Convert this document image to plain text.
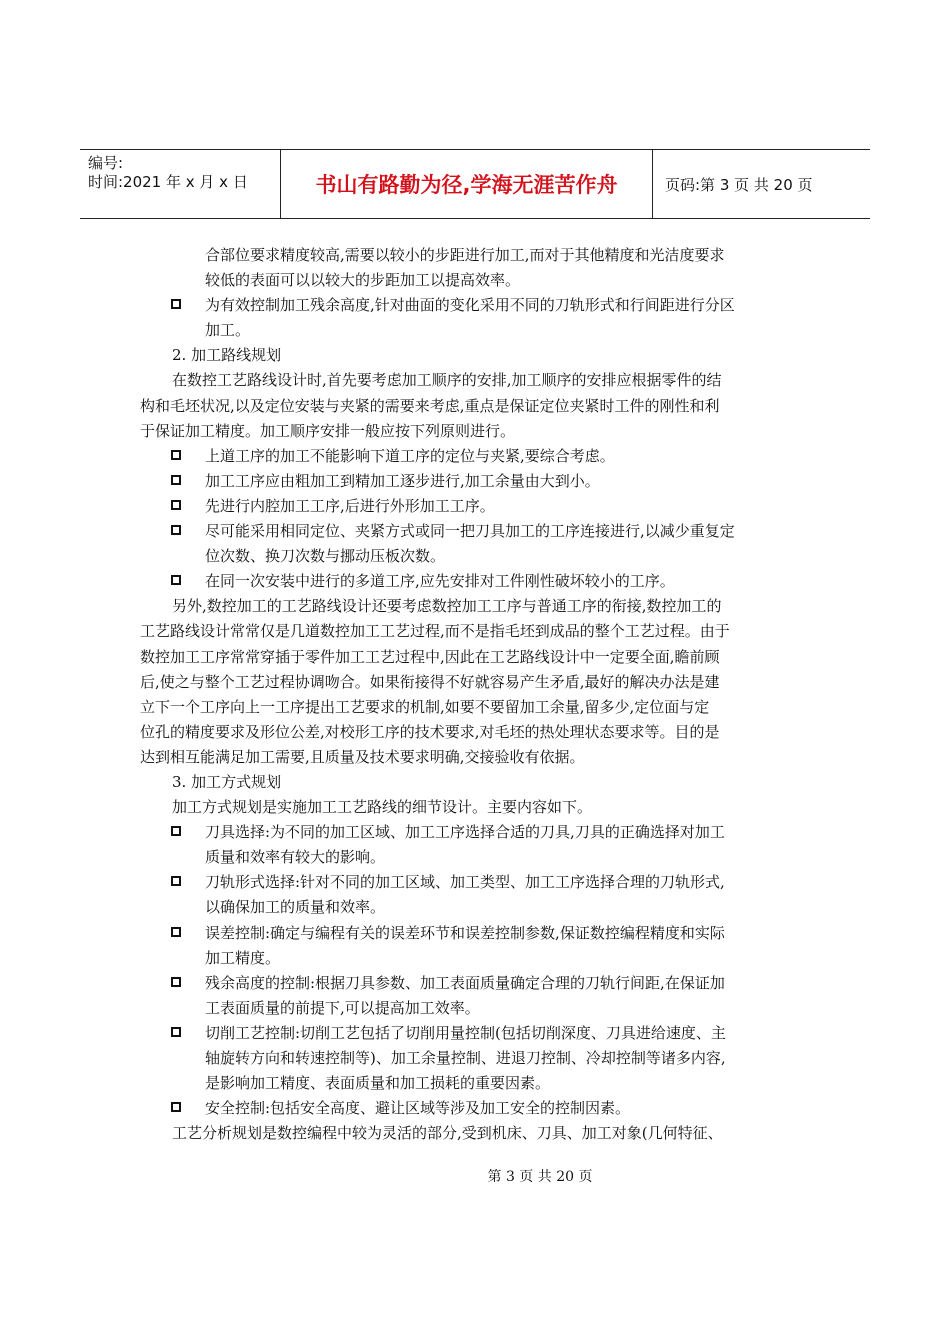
编号:
时间:2021 年 x 月 x 日	书山有路勤为径,学海无涯苦作舟	页码:第 3 页 共 20 页
合部位要求精度较高,需要以较小的步距进行加工,而对于其他精度和光洁度要求
较低的表面可以以较大的步距加工以提高效率。
为有效控制加工残余高度,针对曲面的变化采用不同的刀轨形式和行间距进行分区
加工。
2. 加工路线规划
在数控工艺路线设计时,首先要考虑加工顺序的安排,加工顺序的安排应根据零件的结
构和毛坯状况,以及定位安装与夹紧的需要来考虑,重点是保证定位夹紧时工件的刚性和利
于保证加工精度。加工顺序安排一般应按下列原则进行。
上道工序的加工不能影响下道工序的定位与夹紧,要综合考虑。
加工工序应由粗加工到精加工逐步进行,加工余量由大到小。
先进行内腔加工工序,后进行外形加工工序。
尽可能采用相同定位、夹紧方式或同一把刀具加工的工序连接进行,以减少重复定
位次数、换刀次数与挪动压板次数。
在同一次安装中进行的多道工序,应先安排对工件刚性破坏较小的工序。
另外,数控加工的工艺路线设计还要考虑数控加工工序与普通工序的衔接,数控加工的
工艺路线设计常常仅是几道数控加工工艺过程,而不是指毛坯到成品的整个工艺过程。由于
数控加工工序常常穿插于零件加工工艺过程中,因此在工艺路线设计中一定要全面,瞻前顾
后,使之与整个工艺过程协调吻合。如果衔接得不好就容易产生矛盾,最好的解决办法是建
立下一个工序向上一工序提出工艺要求的机制,如要不要留加工余量,留多少,定位面与定
位孔的精度要求及形位公差,对校形工序的技术要求,对毛坯的热处理状态要求等。目的是
达到相互能满足加工需要,且质量及技术要求明确,交接验收有依据。
3. 加工方式规划
加工方式规划是实施加工工艺路线的细节设计。主要内容如下。
刀具选择:为不同的加工区域、加工工序选择合适的刀具,刀具的正确选择对加工
质量和效率有较大的影响。
刀轨形式选择:针对不同的加工区域、加工类型、加工工序选择合理的刀轨形式,
以确保加工的质量和效率。
误差控制:确定与编程有关的误差环节和误差控制参数,保证数控编程精度和实际
加工精度。
残余高度的控制:根据刀具参数、加工表面质量确定合理的刀轨行间距,在保证加
工表面质量的前提下,可以提高加工效率。
切削工艺控制:切削工艺包括了切削用量控制(包括切削深度、刀具进给速度、主
轴旋转方向和转速控制等)、加工余量控制、进退刀控制、冷却控制等诸多内容,
是影响加工精度、表面质量和加工损耗的重要因素。
安全控制:包括安全高度、避让区域等涉及加工安全的控制因素。
工艺分析规划是数控编程中较为灵活的部分,受到机床、刀具、加工对象(几何特征、
第 3 页 共 20 页
